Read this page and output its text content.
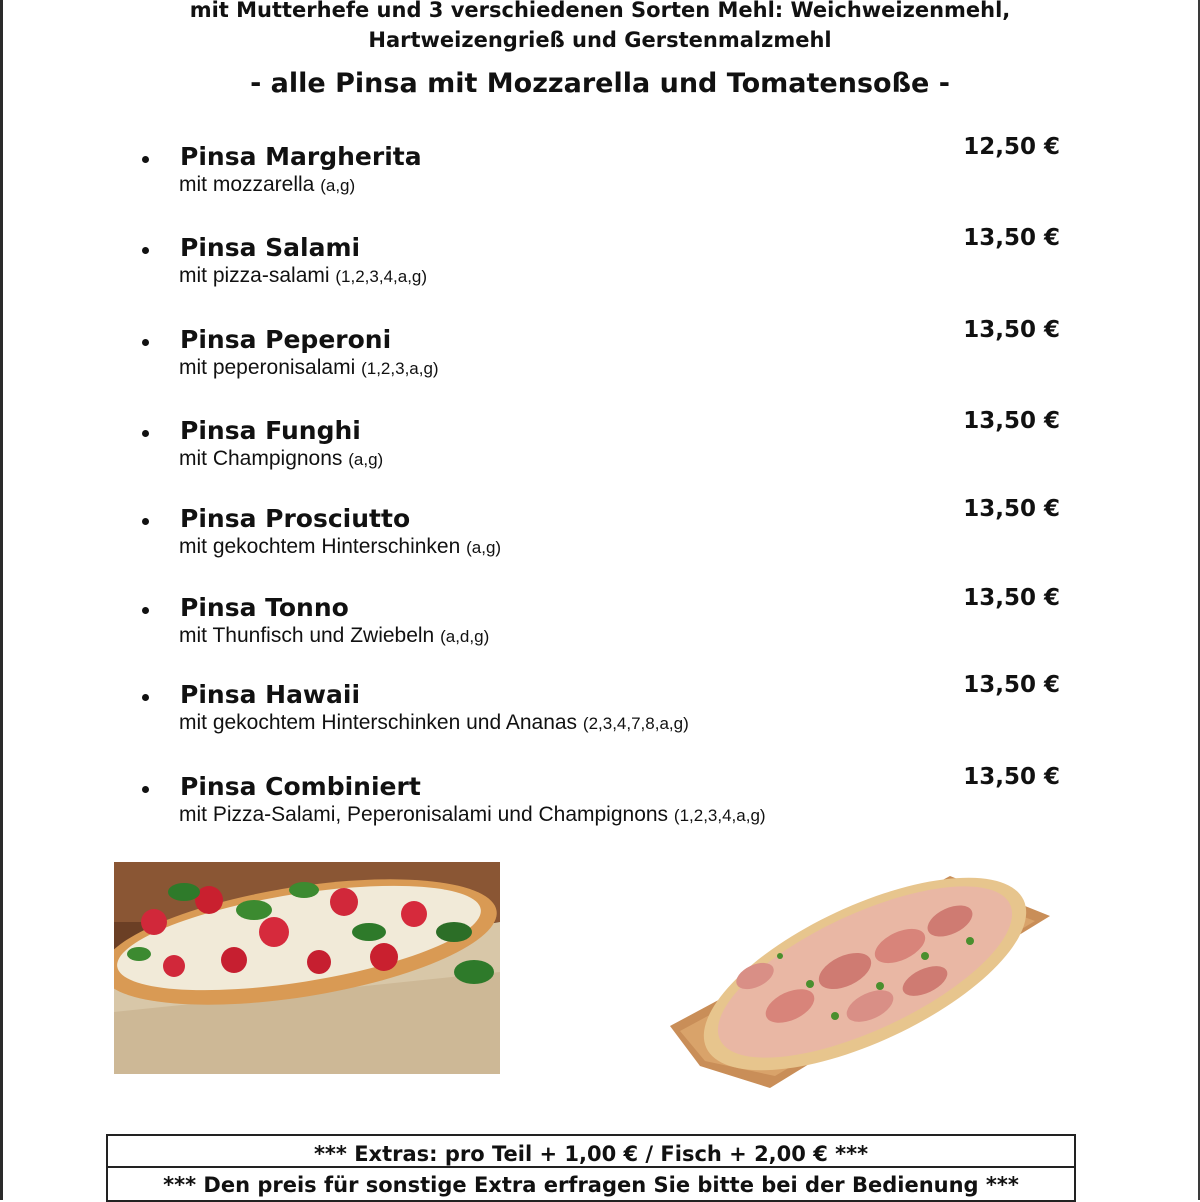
mit Mutterhefe und 3 verschiedenen Sorten Mehl: Weichweizenmehl,
Hartweizengrieß und Gerstenmalzmehl
- alle Pinsa mit Mozzarella und Tomatensoße -
Pinsa Margherita
mit mozzarella (a,g)
12,50 €
Pinsa Salami
mit pizza-salami (1,2,3,4,a,g)
13,50 €
Pinsa Peperoni
mit peperonisalami (1,2,3,a,g)
13,50 €
Pinsa Funghi
mit Champignons (a,g)
13,50 €
Pinsa Prosciutto
mit gekochtem Hinterschinken (a,g)
13,50 €
Pinsa Tonno
mit Thunfisch und Zwiebeln (a,d,g)
13,50 €
Pinsa Hawaii
mit gekochtem Hinterschinken und Ananas (2,3,4,7,8,a,g)
13,50 €
Pinsa Combiniert
mit Pizza-Salami, Peperonisalami und Champignons (1,2,3,4,a,g)
13,50 €
*** Extras: pro Teil + 1,00 € / Fisch + 2,00 € ***
*** Den preis für sonstige Extra erfragen Sie bitte bei der Bedienung ***
